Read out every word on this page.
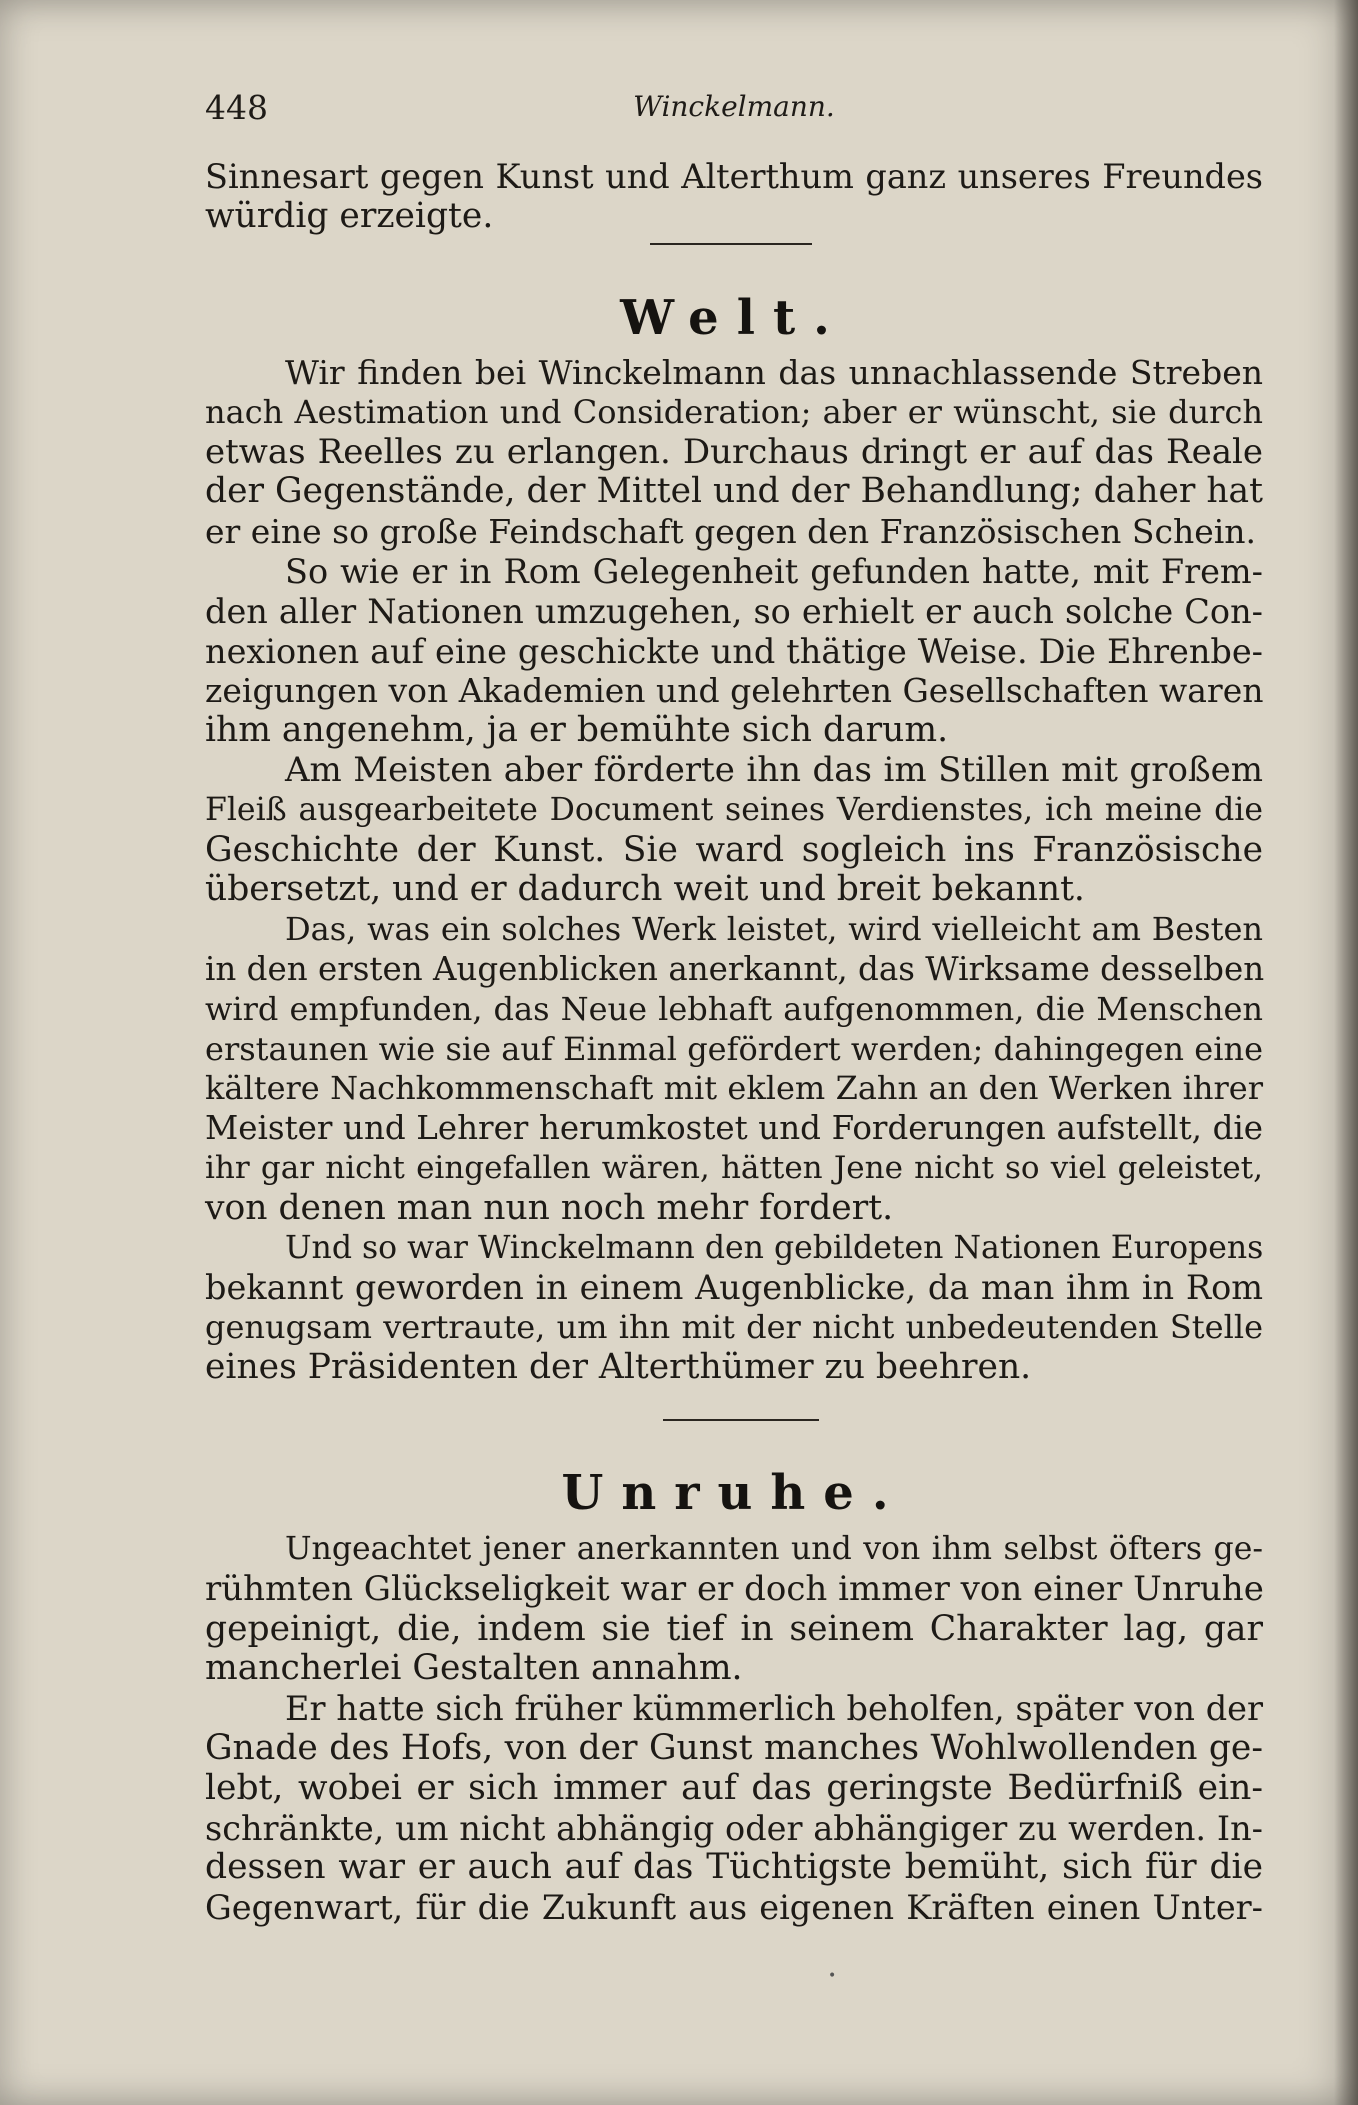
448	Winckelmann.
Sinnesart gegen Kunst und Alterthum ganz unseres Freundes
würdig erzeigte.
Welt.
Wir finden bei Winckelmann das unnachlassende Streben
nach Aestimation und Consideration; aber er wünscht, sie durch
etwas Reelles zu erlangen. Durchaus dringt er auf das Reale
der Gegenstände, der Mittel und der Behandlung; daher hat
er eine so große Feindschaft gegen den Französischen Schein.
So wie er in Rom Gelegenheit gefunden hatte, mit Frem-
den aller Nationen umzugehen, so erhielt er auch solche Con-
nexionen auf eine geschickte und thätige Weise. Die Ehrenbe-
zeigungen von Akademien und gelehrten Gesellschaften waren
ihm angenehm, ja er bemühte sich darum.
Am Meisten aber förderte ihn das im Stillen mit großem
Fleiß ausgearbeitete Document seines Verdienstes, ich meine die
Geschichte der Kunst. Sie ward sogleich ins Französische
übersetzt, und er dadurch weit und breit bekannt.
Das, was ein solches Werk leistet, wird vielleicht am Besten
in den ersten Augenblicken anerkannt, das Wirksame desselben
wird empfunden, das Neue lebhaft aufgenommen, die Menschen
erstaunen wie sie auf Einmal gefördert werden; dahingegen eine
kältere Nachkommenschaft mit eklem Zahn an den Werken ihrer
Meister und Lehrer herumkostet und Forderungen aufstellt, die
ihr gar nicht eingefallen wären, hätten Jene nicht so viel geleistet,
von denen man nun noch mehr fordert.
Und so war Winckelmann den gebildeten Nationen Europens
bekannt geworden in einem Augenblicke, da man ihm in Rom
genugsam vertraute, um ihn mit der nicht unbedeutenden Stelle
eines Präsidenten der Alterthümer zu beehren.
Unruhe.
Ungeachtet jener anerkannten und von ihm selbst öfters ge-
rühmten Glückseligkeit war er doch immer von einer Unruhe
gepeinigt, die, indem sie tief in seinem Charakter lag, gar
mancherlei Gestalten annahm.
Er hatte sich früher kümmerlich beholfen, später von der
Gnade des Hofs, von der Gunst manches Wohlwollenden ge-
lebt, wobei er sich immer auf das geringste Bedürfniß ein-
schränkte, um nicht abhängig oder abhängiger zu werden. In-
dessen war er auch auf das Tüchtigste bemüht, sich für die
Gegenwart, für die Zukunft aus eigenen Kräften einen Unter-
•
